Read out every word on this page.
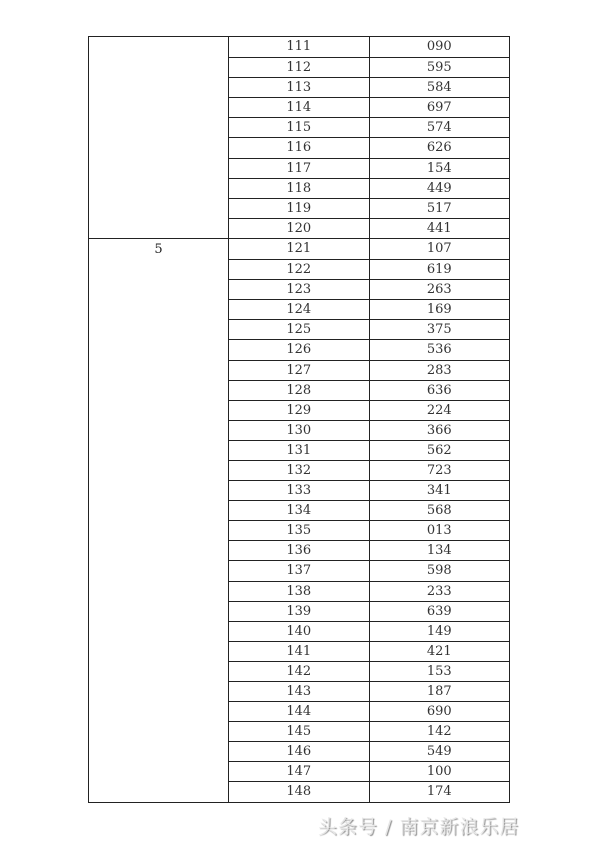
111	090
112	595
113	584
114	697
115	574
116	626
117	154
118	449
119	517
120	441
5	121	107
122	619
123	263
124	169
125	375
126	536
127	283
128	636
129	224
130	366
131	562
132	723
133	341
134	568
135	013
136	134
137	598
138	233
139	639
140	149
141	421
142	153
143	187
144	690
145	142
146	549
147	100
148	174
头条号 / 南京新浪乐居
